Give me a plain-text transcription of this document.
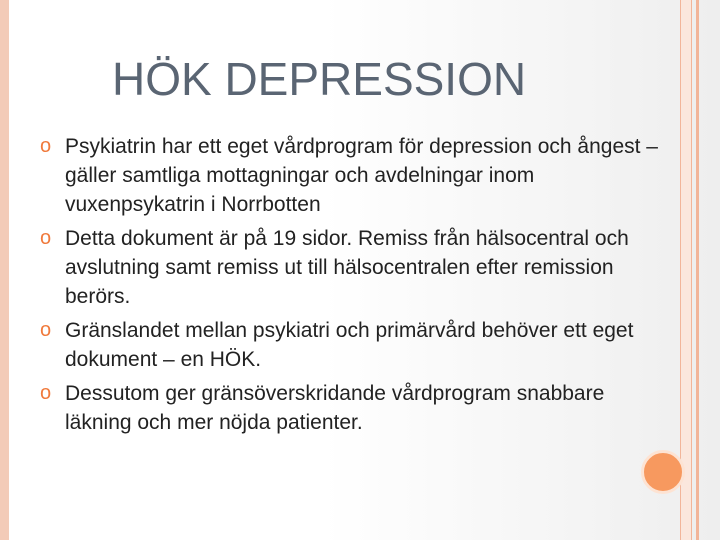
HÖK DEPRESSION
o Psykiatrin har ett eget vårdprogram för depression och ångest – gäller samtliga mottagningar och avdelningar inom vuxenpsykatrin i Norrbotten
o Detta dokument är på 19 sidor. Remiss från hälsocentral och avslutning samt remiss ut till hälsocentralen efter remission berörs.
o Gränslandet mellan psykiatri och primärvård behöver ett eget dokument – en HÖK.
o Dessutom ger gränsöverskridande vårdprogram snabbare läkning och mer nöjda patienter.
